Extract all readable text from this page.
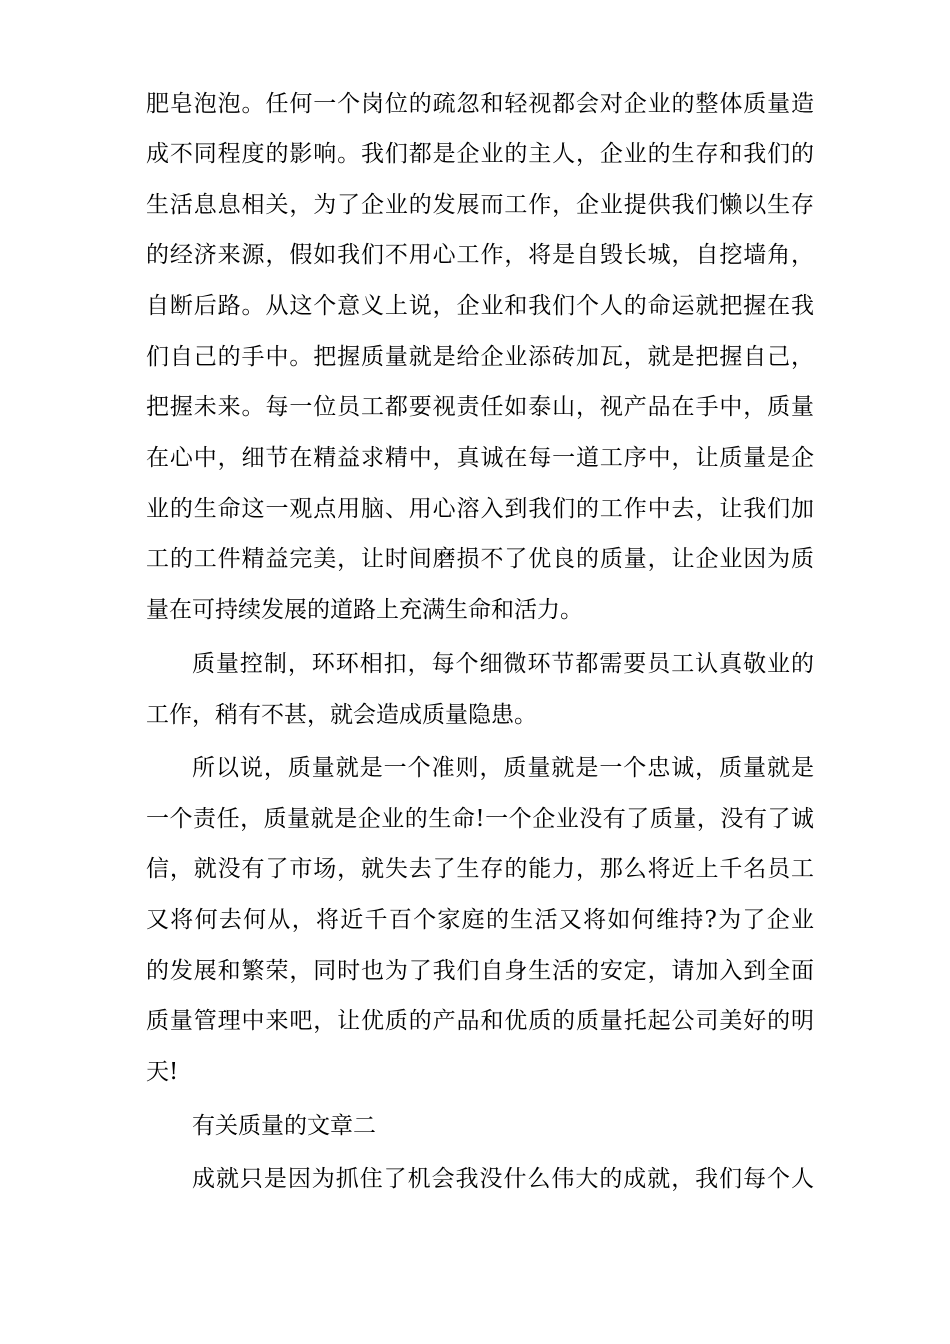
肥皂泡泡。任何一个岗位的疏忽和轻视都会对企业的整体质量造
成不同程度的影响。我们都是企业的主人，企业的生存和我们的
生活息息相关，为了企业的发展而工作，企业提供我们懒以生存
的经济来源，假如我们不用心工作，将是自毁长城，自挖墙角，
自断后路。从这个意义上说，企业和我们个人的命运就把握在我
们自己的手中。把握质量就是给企业添砖加瓦，就是把握自己，
把握未来。每一位员工都要视责任如泰山，视产品在手中，质量
在心中，细节在精益求精中，真诚在每一道工序中，让质量是企
业的生命这一观点用脑、用心溶入到我们的工作中去，让我们加
工的工件精益完美，让时间磨损不了优良的质量，让企业因为质
量在可持续发展的道路上充满生命和活力。
质量控制，环环相扣，每个细微环节都需要员工认真敬业的
工作，稍有不甚，就会造成质量隐患。
所以说，质量就是一个准则，质量就是一个忠诚，质量就是
一个责任，质量就是企业的生命!一个企业没有了质量，没有了诚
信，就没有了市场，就失去了生存的能力，那么将近上千名员工
又将何去何从，将近千百个家庭的生活又将如何维持?为了企业
的发展和繁荣，同时也为了我们自身生活的安定，请加入到全面
质量管理中来吧，让优质的产品和优质的质量托起公司美好的明
天!
有关质量的文章二
成就只是因为抓住了机会我没什么伟大的成就，我们每个人
